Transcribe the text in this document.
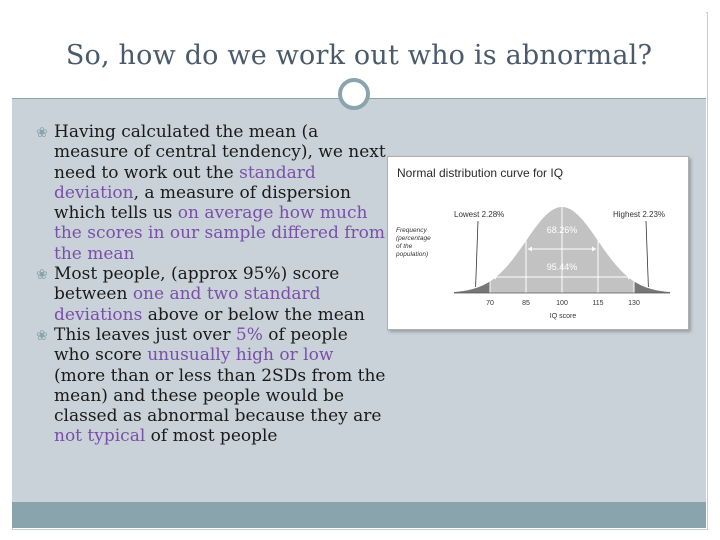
So, how do we work out who is abnormal?
❀ Having calculated the mean (a measure of central tendency), we next need to work out the standard deviation, a measure of dispersion which tells us on average how much the scores in our sample differed from the mean
❀ Most people, (approx 95%) score between one and two standard deviations above or below the mean
❀ This leaves just over 5% of people who score unusually high or low (more than or less than 2SDs from the mean) and these people would be classed as abnormal because they are not typical of most people
Normal distribution curve for IQ
Frequency
(percentage
of the
population)
70	85	100	115	130
68.26%
95.44%
Lowest 2.28%	Highest 2.23%
IQ score
